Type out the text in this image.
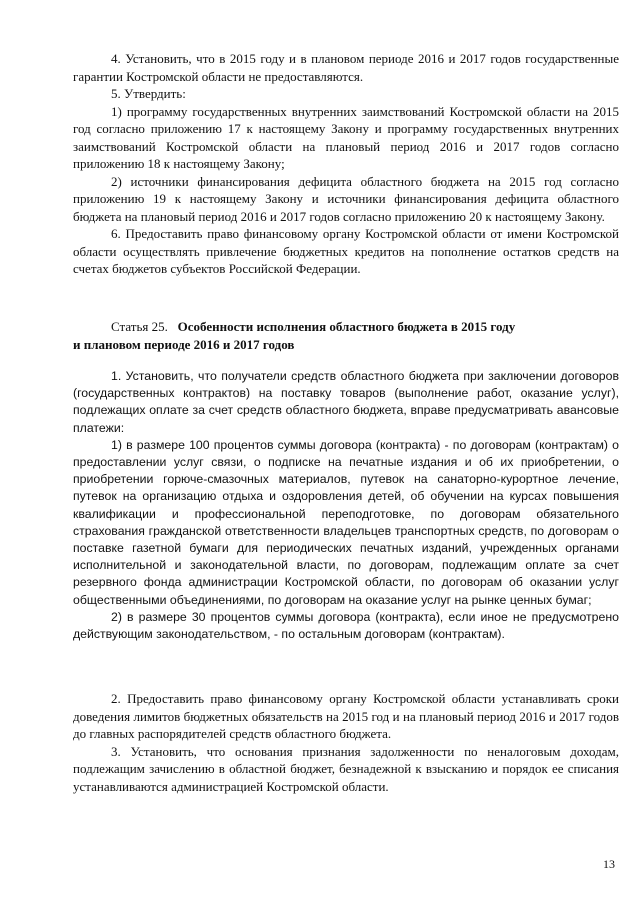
4. Установить, что в 2015 году и в плановом периоде 2016 и 2017 годов государственные гарантии Костромской области не предоставляются.

5. Утвердить:

1) программу государственных внутренних заимствований Костромской области на 2015 год согласно приложению 17 к настоящему Закону и программу государственных внутренних заимствований Костромской области на плановый период 2016 и 2017 годов согласно приложению 18 к настоящему Закону;

2) источники финансирования дефицита областного бюджета на 2015 год согласно приложению 19 к настоящему Закону и источники финансирования дефицита областного бюджета на плановый период 2016 и 2017 годов согласно приложению 20 к настоящему Закону.

6. Предоставить право финансовому органу Костромской области от имени Костромской области осуществлять привлечение бюджетных кредитов на пополнение остатков средств на счетах бюджетов субъектов Российской Федерации.

Статья 25. Особенности исполнения областного бюджета в 2015 году
и плановом периоде 2016 и 2017 годов

1. Установить, что получатели средств областного бюджета при заключении договоров (государственных контрактов) на поставку товаров (выполнение работ, оказание услуг), подлежащих оплате за счет средств областного бюджета, вправе предусматривать авансовые платежи:

1) в размере 100 процентов суммы договора (контракта) - по договорам (контрактам) о предоставлении услуг связи, о подписке на печатные издания и об их приобретении, о приобретении горюче-смазочных материалов, путевок на санаторно-курортное лечение, путевок на организацию отдыха и оздоровления детей, об обучении на курсах повышения квалификации и профессиональной переподготовке, по договорам обязательного страхования гражданской ответственности владельцев транспортных средств, по договорам о поставке газетной бумаги для периодических печатных изданий, учрежденных органами исполнительной и законодательной власти, по договорам, подлежащим оплате за счет резервного фонда администрации Костромской области, по договорам об оказании услуг общественными объединениями, по договорам на оказание услуг на рынке ценных бумаг;

2) в размере 30 процентов суммы договора (контракта), если иное не предусмотрено действующим законодательством, - по остальным договорам (контрактам).

2. Предоставить право финансовому органу Костромской области устанавливать сроки доведения лимитов бюджетных обязательств на 2015 год и на плановый период 2016 и 2017 годов до главных распорядителей средств областного бюджета.

3. Установить, что основания признания задолженности по неналоговым доходам, подлежащим зачислению в областной бюджет, безнадежной к взысканию и порядок ее списания устанавливаются администрацией Костромской области.

13
